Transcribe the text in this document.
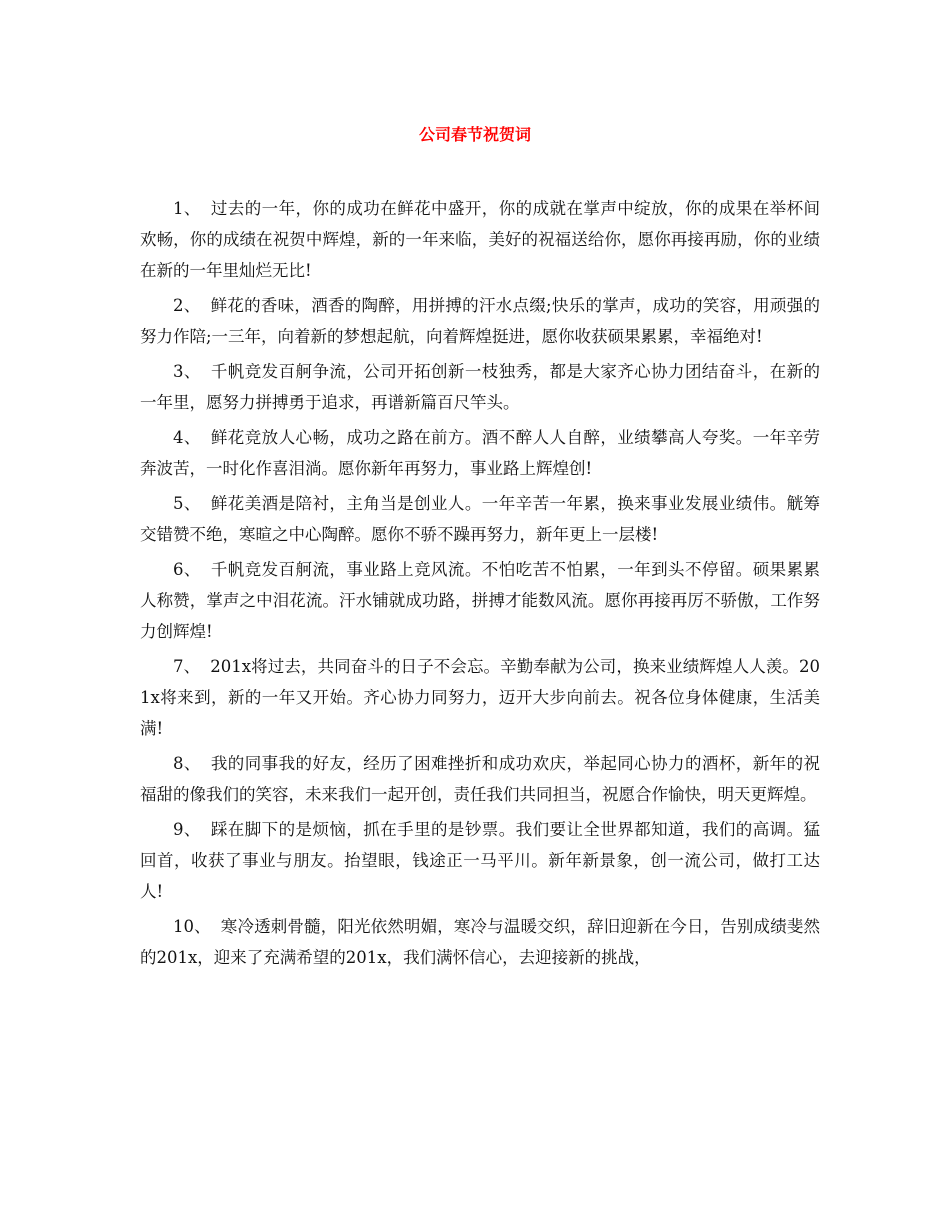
公司春节祝贺词

1、 过去的一年，你的成功在鲜花中盛开，你的成就在掌声中绽放，你的成果在举杯间欢畅，你的成绩在祝贺中辉煌，新的一年来临，美好的祝福送给你，愿你再接再励，你的业绩在新的一年里灿烂无比!

2、 鲜花的香味，酒香的陶醉，用拼搏的汗水点缀;快乐的掌声，成功的笑容，用顽强的努力作陪;一三年，向着新的梦想起航，向着辉煌挺进，愿你收获硕果累累，幸福绝对!

3、 千帆竞发百舸争流，公司开拓创新一枝独秀，都是大家齐心协力团结奋斗，在新的一年里，愿努力拼搏勇于追求，再谱新篇百尺竿头。

4、 鲜花竞放人心畅，成功之路在前方。酒不醉人人自醉，业绩攀高人夸奖。一年辛劳奔波苦，一时化作喜泪淌。愿你新年再努力，事业路上辉煌创!

5、 鲜花美酒是陪衬，主角当是创业人。一年辛苦一年累，换来事业发展业绩伟。觥筹交错赞不绝，寒暄之中心陶醉。愿你不骄不躁再努力，新年更上一层楼!

6、 千帆竞发百舸流，事业路上竞风流。不怕吃苦不怕累，一年到头不停留。硕果累累人称赞，掌声之中泪花流。汗水铺就成功路，拼搏才能数风流。愿你再接再厉不骄傲，工作努力创辉煌!

7、 201x将过去，共同奋斗的日子不会忘。辛勤奉献为公司，换来业绩辉煌人人羡。201x将来到，新的一年又开始。齐心协力同努力，迈开大步向前去。祝各位身体健康，生活美满!

8、 我的同事我的好友，经历了困难挫折和成功欢庆，举起同心协力的酒杯，新年的祝福甜的像我们的笑容，未来我们一起开创，责任我们共同担当，祝愿合作愉快，明天更辉煌。

9、 踩在脚下的是烦恼，抓在手里的是钞票。我们要让全世界都知道，我们的高调。猛回首，收获了事业与朋友。抬望眼，钱途正一马平川。新年新景象，创一流公司，做打工达人!

10、 寒冷透刺骨髓，阳光依然明媚，寒冷与温暖交织，辞旧迎新在今日，告别成绩斐然的201x，迎来了充满希望的201x，我们满怀信心，去迎接新的挑战，
